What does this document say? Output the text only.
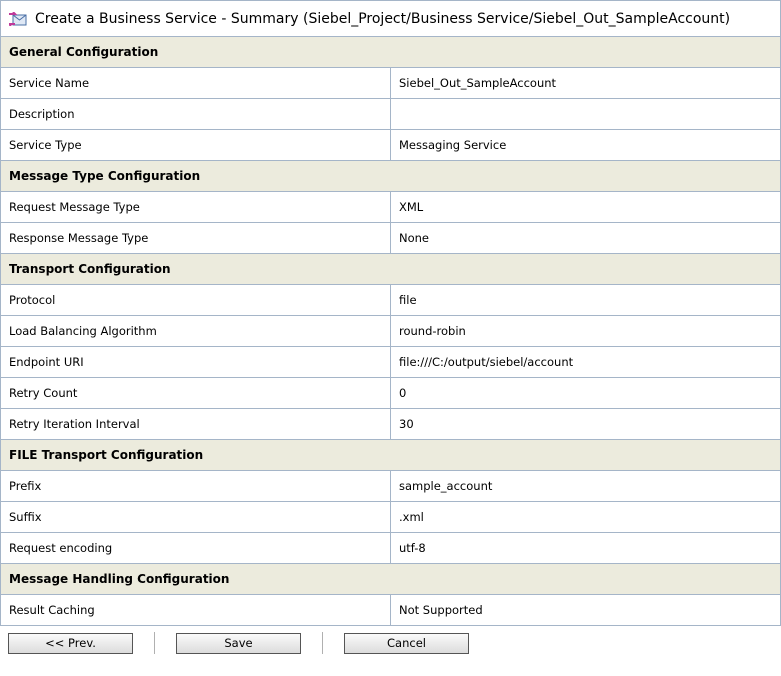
Create a Business Service - Summary (Siebel_Project/Business Service/Siebel_Out_SampleAccount)
General Configuration	
Service Name	Siebel_Out_SampleAccount
Description	
Service Type	Messaging Service
Message Type Configuration	
Request Message Type	XML
Response Message Type	None
Transport Configuration	
Protocol	file
Load Balancing Algorithm	round-robin
Endpoint URI	file:///C:/output/siebel/account
Retry Count	0
Retry Iteration Interval	30
FILE Transport Configuration	
Prefix	sample_account
Suffix	.xml
Request encoding	utf-8
Message Handling Configuration	
Result Caching	Not Supported
<< Prev.	Save	Cancel
